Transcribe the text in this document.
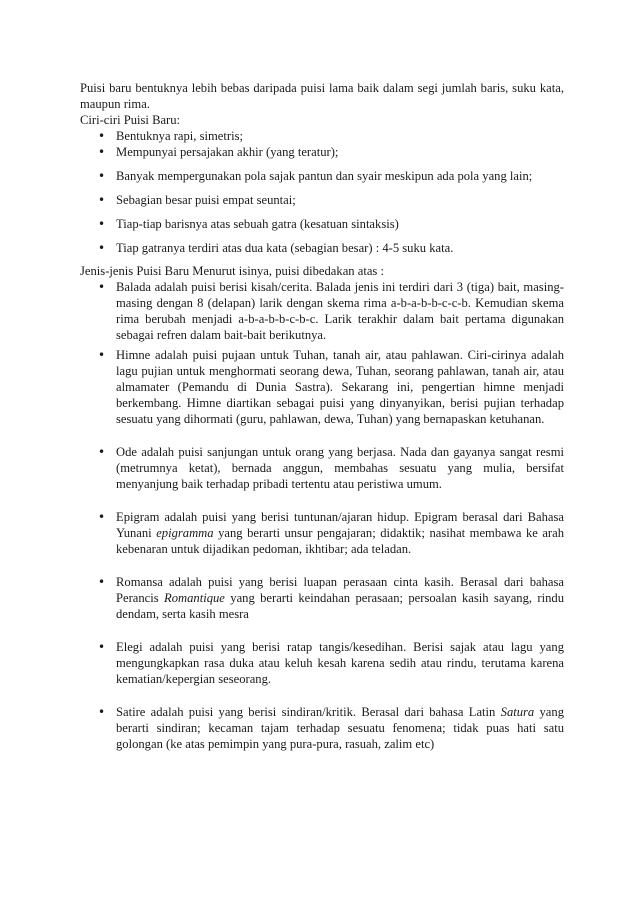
Puisi baru bentuknya lebih bebas daripada puisi lama baik dalam segi jumlah baris, suku kata, maupun rima.

Ciri-ciri Puisi Baru:

• Bentuknya rapi, simetris;
• Mempunyai persajakan akhir (yang teratur);
• Banyak mempergunakan pola sajak pantun dan syair meskipun ada pola yang lain;
• Sebagian besar puisi empat seuntai;
• Tiap-tiap barisnya atas sebuah gatra (kesatuan sintaksis)
• Tiap gatranya terdiri atas dua kata (sebagian besar) : 4-5 suku kata.

Jenis-jenis Puisi Baru Menurut isinya, puisi dibedakan atas :

• Balada adalah puisi berisi kisah/cerita. Balada jenis ini terdiri dari 3 (tiga) bait, masing-masing dengan 8 (delapan) larik dengan skema rima a-b-a-b-b-c-c-b. Kemudian skema rima berubah menjadi a-b-a-b-b-c-b-c. Larik terakhir dalam bait pertama digunakan sebagai refren dalam bait-bait berikutnya.
• Himne adalah puisi pujaan untuk Tuhan, tanah air, atau pahlawan. Ciri-cirinya adalah lagu pujian untuk menghormati seorang dewa, Tuhan, seorang pahlawan, tanah air, atau almamater (Pemandu di Dunia Sastra). Sekarang ini, pengertian himne menjadi berkembang. Himne diartikan sebagai puisi yang dinyanyikan, berisi pujian terhadap sesuatu yang dihormati (guru, pahlawan, dewa, Tuhan) yang bernapaskan ketuhanan.
• Ode adalah puisi sanjungan untuk orang yang berjasa. Nada dan gayanya sangat resmi (metrumnya ketat), bernada anggun, membahas sesuatu yang mulia, bersifat menyanjung baik terhadap pribadi tertentu atau peristiwa umum.
• Epigram adalah puisi yang berisi tuntunan/ajaran hidup. Epigram berasal dari Bahasa Yunani epigramma yang berarti unsur pengajaran; didaktik; nasihat membawa ke arah kebenaran untuk dijadikan pedoman, ikhtibar; ada teladan.
• Romansa adalah puisi yang berisi luapan perasaan cinta kasih. Berasal dari bahasa Perancis Romantique yang berarti keindahan perasaan; persoalan kasih sayang, rindu dendam, serta kasih mesra
• Elegi adalah puisi yang berisi ratap tangis/kesedihan. Berisi sajak atau lagu yang mengungkapkan rasa duka atau keluh kesah karena sedih atau rindu, terutama karena kematian/kepergian seseorang.
• Satire adalah puisi yang berisi sindiran/kritik. Berasal dari bahasa Latin Satura yang berarti sindiran; kecaman tajam terhadap sesuatu fenomena; tidak puas hati satu golongan (ke atas pemimpin yang pura-pura, rasuah, zalim etc)
